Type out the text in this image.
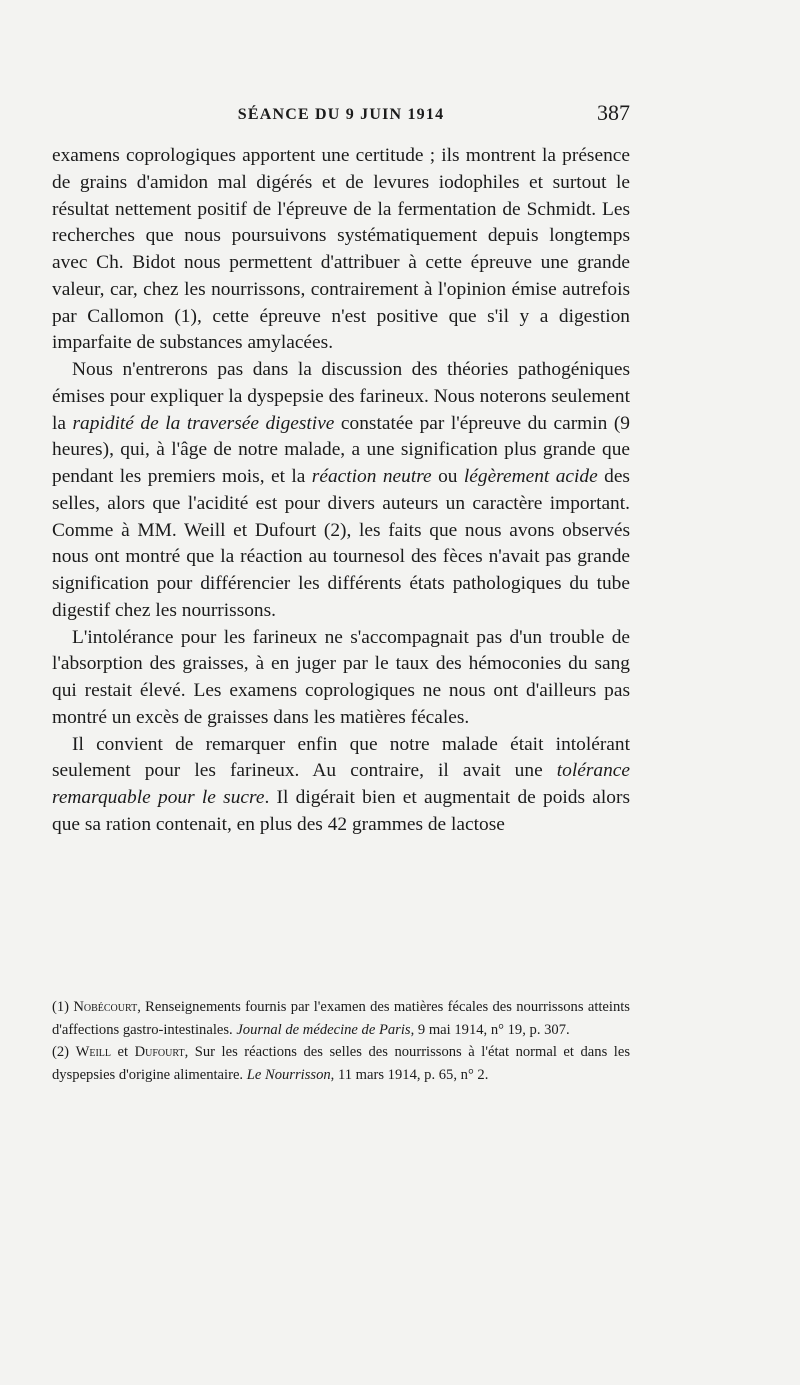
SÉANCE DU 9 JUIN 1914	387

examens coprologiques apportent une certitude ; ils montrent la présence de grains d'amidon mal digérés et de levures iodophiles et surtout le résultat nettement positif de l'épreuve de la fermentation de Schmidt. Les recherches que nous poursuivons systématiquement depuis longtemps avec Ch. Bidot nous permettent d'attribuer à cette épreuve une grande valeur, car, chez les nourrissons, contrairement à l'opinion émise autrefois par Callomon (1), cette épreuve n'est positive que s'il y a digestion imparfaite de substances amylacées.

Nous n'entrerons pas dans la discussion des théories pathogéniques émises pour expliquer la dyspepsie des farineux. Nous noterons seulement la rapidité de la traversée digestive constatée par l'épreuve du carmin (9 heures), qui, à l'âge de notre malade, a une signification plus grande que pendant les premiers mois, et la réaction neutre ou légèrement acide des selles, alors que l'acidité est pour divers auteurs un caractère important. Comme à MM. Weill et Dufourt (2), les faits que nous avons observés nous ont montré que la réaction au tournesol des fèces n'avait pas grande signification pour différencier les différents états pathologiques du tube digestif chez les nourrissons.

L'intolérance pour les farineux ne s'accompagnait pas d'un trouble de l'absorption des graisses, à en juger par le taux des hémoconies du sang qui restait élevé. Les examens coprologiques ne nous ont d'ailleurs pas montré un excès de graisses dans les matières fécales.

Il convient de remarquer enfin que notre malade était intolérant seulement pour les farineux. Au contraire, il avait une tolérance remarquable pour le sucre. Il digérait bien et augmentait de poids alors que sa ration contenait, en plus des 42 grammes de lactose

(1) Nobécourt, Renseignements fournis par l'examen des matières fécales des nourrissons atteints d'affections gastro-intestinales. Journal de médecine de Paris, 9 mai 1914, n° 19, p. 307.

(2) Weill et Dufourt, Sur les réactions des selles des nourrissons à l'état normal et dans les dyspepsies d'origine alimentaire. Le Nourrisson, 11 mars 1914, p. 65, n° 2.
